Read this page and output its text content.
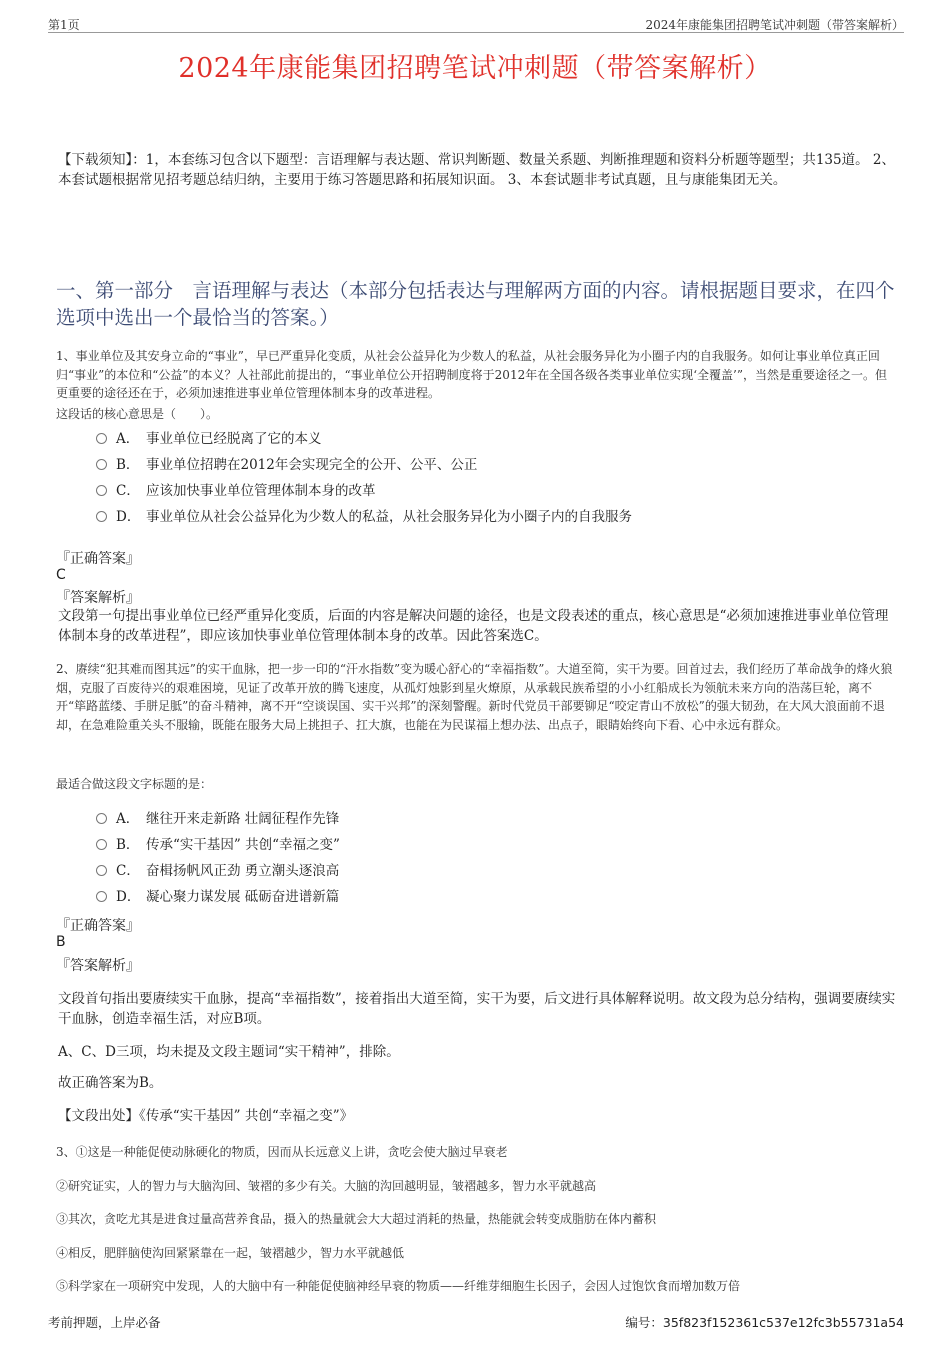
第1页	2024年康能集团招聘笔试冲刺题（带答案解析）
2024年康能集团招聘笔试冲刺题（带答案解析）
【下载须知】：1，本套练习包含以下题型：言语理解与表达题、常识判断题、数量关系题、判断推理题和资料分析题等题型；共135道。 2、本套试题根据常见招考题总结归纳，主要用于练习答题思路和拓展知识面。 3、本套试题非考试真题，且与康能集团无关。
一、第一部分　言语理解与表达（本部分包括表达与理解两方面的内容。请根据题目要求，在四个选项中选出一个最恰当的答案。）
1、事业单位及其安身立命的“事业”，早已严重异化变质，从社会公益异化为少数人的私益，从社会服务异化为小圈子内的自我服务。如何让事业单位真正回归“事业”的本位和“公益”的本义？人社部此前提出的，“事业单位公开招聘制度将于2012年在全国各级各类事业单位实现‘全覆盖’”，当然是重要途径之一。但更重要的途径还在于，必须加速推进事业单位管理体制本身的改革进程。
这段话的核心意思是（　　）。
A． 事业单位已经脱离了它的本义
B． 事业单位招聘在2012年会实现完全的公开、公平、公正
C． 应该加快事业单位管理体制本身的改革
D． 事业单位从社会公益异化为少数人的私益，从社会服务异化为小圈子内的自我服务
『正确答案』
C
『答案解析』
文段第一句提出事业单位已经严重异化变质，后面的内容是解决问题的途径，也是文段表述的重点，核心意思是“必须加速推进事业单位管理体制本身的改革进程”，即应该加快事业单位管理体制本身的改革。因此答案选C。
2、赓续“犯其难而图其远”的实干血脉，把一步一印的“汗水指数”变为暖心舒心的“幸福指数”。大道至简，实干为要。回首过去，我们经历了革命战争的烽火狼烟，克服了百废待兴的艰难困境，见证了改革开放的腾飞速度，从孤灯烛影到星火燎原，从承载民族希望的小小红船成长为领航未来方向的浩荡巨轮，离不开“筚路蓝缕、手胼足胝”的奋斗精神，离不开“空谈误国、实干兴邦”的深刻警醒。新时代党员干部要铆足“咬定青山不放松”的强大韧劲，在大风大浪面前不退却，在急难险重关头不服输，既能在服务大局上挑担子、扛大旗，也能在为民谋福上想办法、出点子，眼睛始终向下看、心中永远有群众。
最适合做这段文字标题的是：
A． 继往开来走新路 壮阔征程作先锋
B． 传承“实干基因” 共创“幸福之变”
C． 奋楫扬帆风正劲 勇立潮头逐浪高
D． 凝心聚力谋发展 砥砺奋进谱新篇
『正确答案』
B
『答案解析』
文段首句指出要赓续实干血脉，提高“幸福指数”，接着指出大道至简，实干为要，后文进行具体解释说明。故文段为总分结构，强调要赓续实干血脉，创造幸福生活，对应B项。
A、C、D三项，均未提及文段主题词“实干精神”，排除。
故正确答案为B。
【文段出处】《传承“实干基因” 共创“幸福之变”》
3、①这是一种能促使动脉硬化的物质，因而从长远意义上讲，贪吃会使大脑过早衰老
②研究证实，人的智力与大脑沟回、皱褶的多少有关。大脑的沟回越明显，皱褶越多，智力水平就越高
③其次，贪吃尤其是进食过量高营养食品，摄入的热量就会大大超过消耗的热量，热能就会转变成脂肪在体内蓄积
④相反，肥胖脑使沟回紧紧靠在一起，皱褶越少，智力水平就越低
⑤科学家在一项研究中发现，人的大脑中有一种能促使脑神经早衰的物质——纤维芽细胞生长因子，会因人过饱饮食而增加数万倍
考前押题，上岸必备	编号：35f823f152361c537e12fc3b55731a54
